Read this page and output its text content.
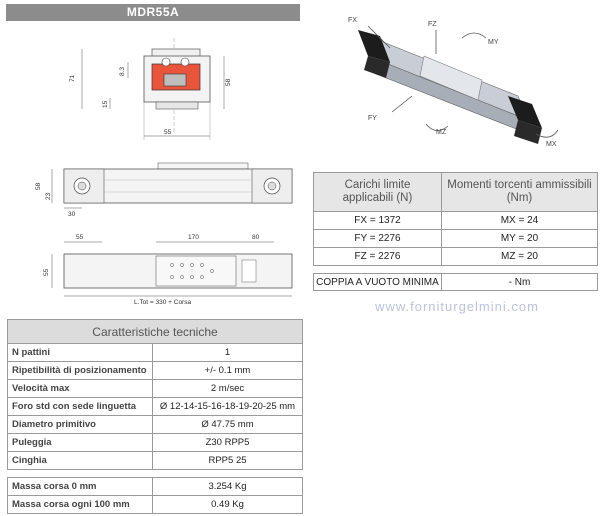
MDR55A
55
71
58
8.3
15
58
23
30
55	170	80
55
L.Tot = 330 + Corsa
FX
FZ
MY
FY
MZ
MX
Carichi limite applicabili (N)	Momenti torcenti ammissibili (Nm)
FX = 1372	MX = 24
FY = 2276	MY = 20
FZ = 2276	MZ = 20

COPPIA A VUOTO MINIMA	- Nm
www.forniturgelmini.com
Caratteristiche tecniche	
N pattini	1
Ripetibilità di posizionamento	+/- 0.1 mm
Velocità max	2 m/sec
Foro std con sede linguetta	Ø 12-14-15-16-18-19-20-25 mm
Diametro primitivo	Ø 47.75 mm
Puleggia	Z30 RPP5
Cinghia	RPP5 25

Massa corsa 0 mm	3.254 Kg
Massa corsa ogni 100 mm	0.49 Kg
